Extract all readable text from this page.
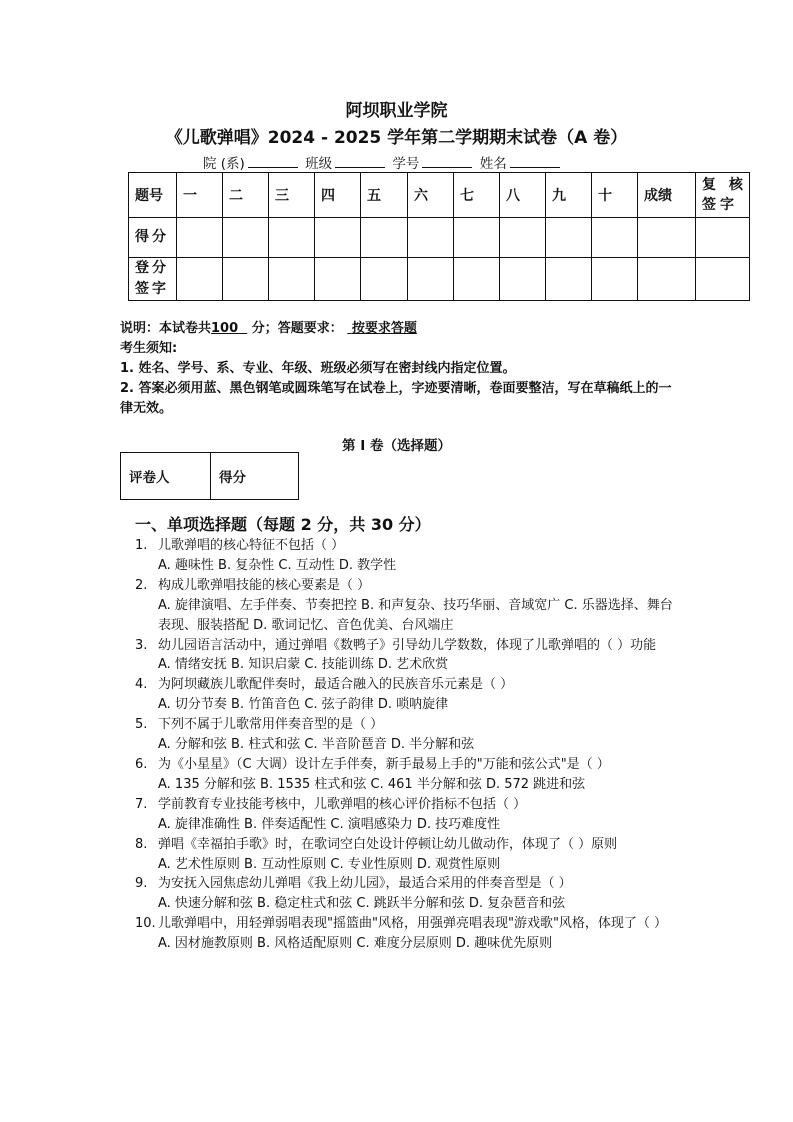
阿坝职业学院
《儿歌弹唱》2024 - 2025 学年第二学期期末试卷（A 卷）
院 (系)	班级	学号	姓名
题号	一	二	三	四	五	六	七	八	九	十	成绩	复 核 签字
得分												
登分 签字												
说明：本试卷共100 分；答题要求： 按要求答题
考生须知:
1. 姓名、学号、系、专业、年级、班级必须写在密封线内指定位置。
2. 答案必须用蓝、黑色钢笔或圆珠笔写在试卷上，字迹要清晰，卷面要整洁，写在草稿纸上的一律无效。
第 I 卷（选择题）
评卷人	得分
一、单项选择题（每题 2 分，共 30 分）
1. 儿歌弹唱的核心特征不包括（ ）
A. 趣味性 B. 复杂性 C. 互动性 D. 教学性
2. 构成儿歌弹唱技能的核心要素是（ ）
A. 旋律演唱、左手伴奏、节奏把控 B. 和声复杂、技巧华丽、音域宽广 C. 乐器选择、舞台表现、服装搭配 D. 歌词记忆、音色优美、台风端庄
3. 幼儿园语言活动中，通过弹唱《数鸭子》引导幼儿学数数，体现了儿歌弹唱的（ ）功能
A. 情绪安抚 B. 知识启蒙 C. 技能训练 D. 艺术欣赏
4. 为阿坝藏族儿歌配伴奏时，最适合融入的民族音乐元素是（ ）
A. 切分节奏 B. 竹笛音色 C. 弦子韵律 D. 唢呐旋律
5. 下列不属于儿歌常用伴奏音型的是（ ）
A. 分解和弦 B. 柱式和弦 C. 半音阶琶音 D. 半分解和弦
6. 为《小星星》（C 大调）设计左手伴奏，新手最易上手的"万能和弦公式"是（ ）
A. 135 分解和弦 B. 1535 柱式和弦 C. 461 半分解和弦 D. 572 跳进和弦
7. 学前教育专业技能考核中，儿歌弹唱的核心评价指标不包括（ ）
A. 旋律准确性 B. 伴奏适配性 C. 演唱感染力 D. 技巧难度性
8. 弹唱《幸福拍手歌》时，在歌词空白处设计停顿让幼儿做动作，体现了（ ）原则
A. 艺术性原则 B. 互动性原则 C. 专业性原则 D. 观赏性原则
9. 为安抚入园焦虑幼儿弹唱《我上幼儿园》，最适合采用的伴奏音型是（ ）
A. 快速分解和弦 B. 稳定柱式和弦 C. 跳跃半分解和弦 D. 复杂琶音和弦
10. 儿歌弹唱中，用轻弹弱唱表现"摇篮曲"风格，用强弹亮唱表现"游戏歌"风格，体现了（ ）
A. 因材施教原则 B. 风格适配原则 C. 难度分层原则 D. 趣味优先原则
